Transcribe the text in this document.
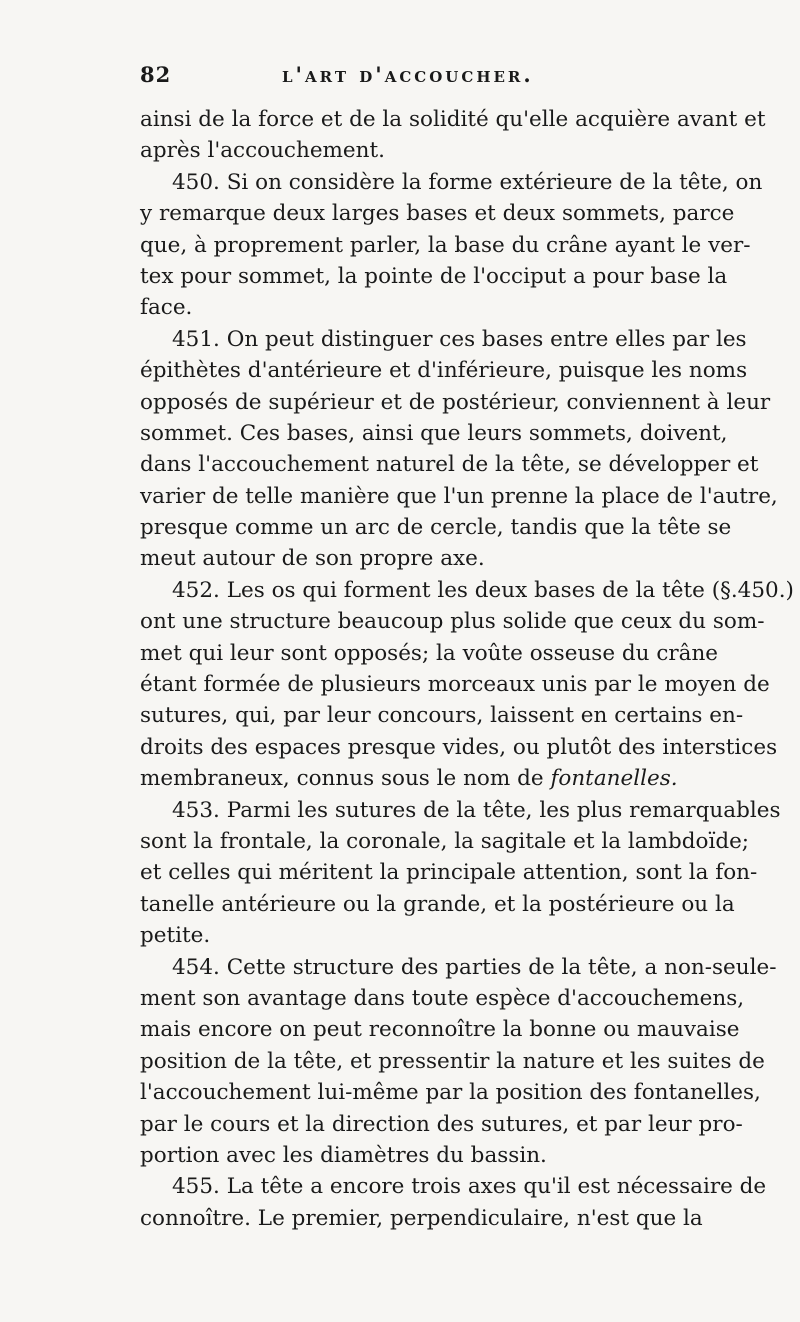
82	l'art d'accoucher.
ainsi de la force et de la solidité qu'elle acquière avant et
après l'accouchement.
450. Si on considère la forme extérieure de la tête, on
y remarque deux larges bases et deux sommets, parce
que, à proprement parler, la base du crâne ayant le ver-
tex pour sommet, la pointe de l'occiput a pour base la
face.
451. On peut distinguer ces bases entre elles par les
épithètes d'antérieure et d'inférieure, puisque les noms
opposés de supérieur et de postérieur, conviennent à leur
sommet. Ces bases, ainsi que leurs sommets, doivent,
dans l'accouchement naturel de la tête, se développer et
varier de telle manière que l'un prenne la place de l'autre,
presque comme un arc de cercle, tandis que la tête se
meut autour de son propre axe.
452. Les os qui forment les deux bases de la tête (§.450.)
ont une structure beaucoup plus solide que ceux du som-
met qui leur sont opposés; la voûte osseuse du crâne
étant formée de plusieurs morceaux unis par le moyen de
sutures, qui, par leur concours, laissent en certains en-
droits des espaces presque vides, ou plutôt des interstices
membraneux, connus sous le nom de fontanelles.
453. Parmi les sutures de la tête, les plus remarquables
sont la frontale, la coronale, la sagitale et la lambdoïde;
et celles qui méritent la principale attention, sont la fon-
tanelle antérieure ou la grande, et la postérieure ou la
petite.
454. Cette structure des parties de la tête, a non-seule-
ment son avantage dans toute espèce d'accouchemens,
mais encore on peut reconnoître la bonne ou mauvaise
position de la tête, et pressentir la nature et les suites de
l'accouchement lui-même par la position des fontanelles,
par le cours et la direction des sutures, et par leur pro-
portion avec les diamètres du bassin.
455. La tête a encore trois axes qu'il est nécessaire de
connoître. Le premier, perpendiculaire, n'est que la
